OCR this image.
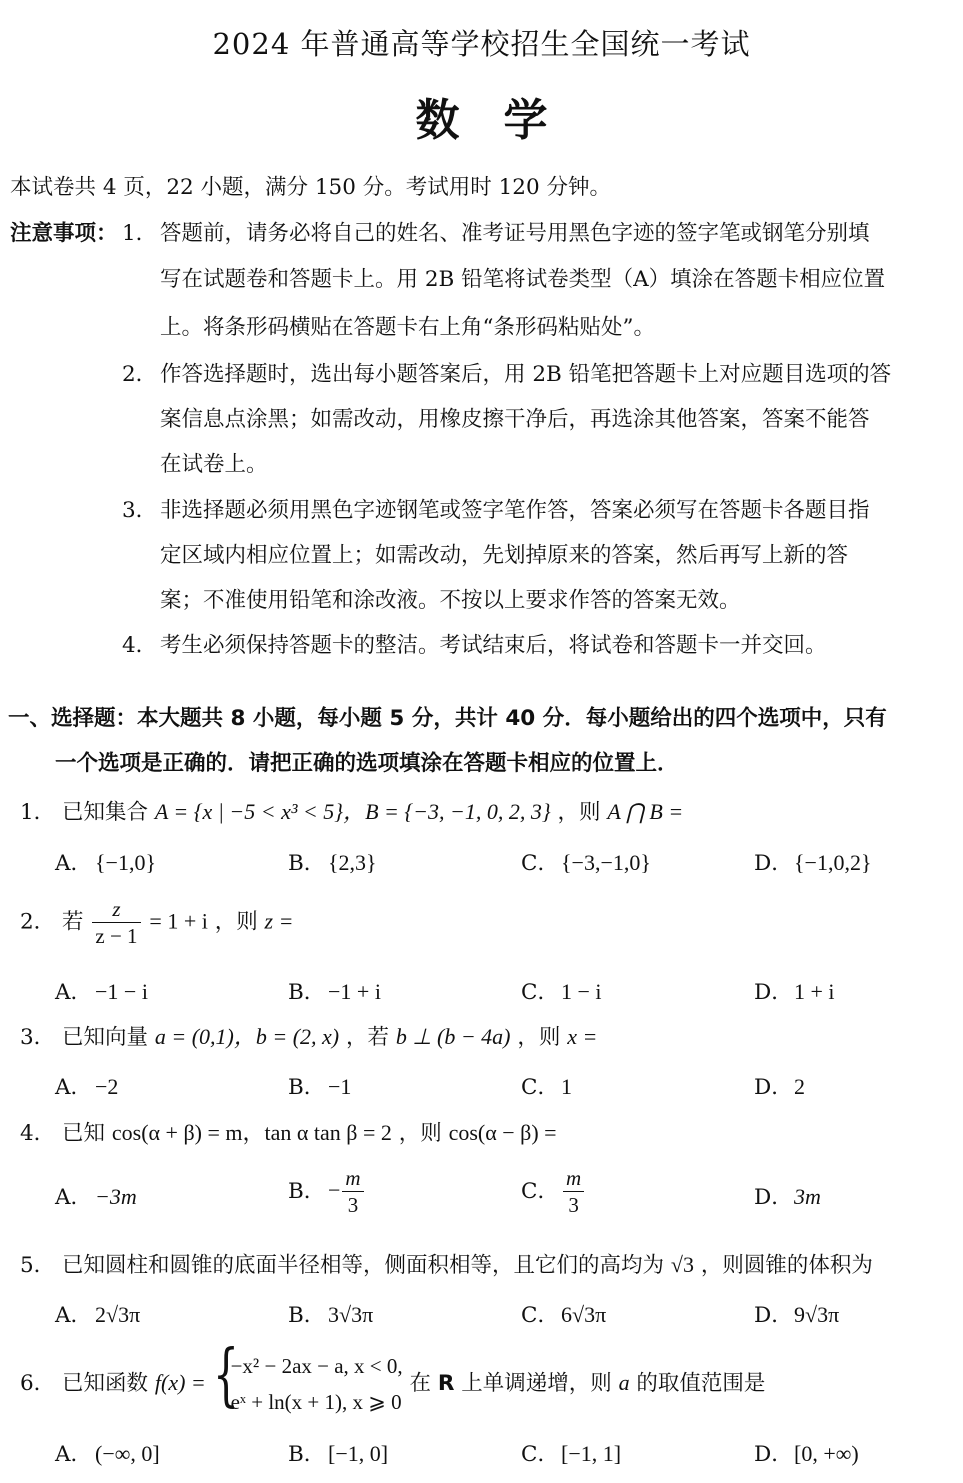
2024 年普通高等学校招生全国统一考试
数　学
本试卷共 4 页，22 小题，满分 150 分。考试用时 120 分钟。
注意事项： 1． 答题前，请务必将自己的姓名、准考证号用黑色字迹的签字笔或钢笔分别填
写在试题卷和答题卡上。用 2B 铅笔将试卷类型（A）填涂在答题卡相应位置
上。将条形码横贴在答题卡右上角“条形码粘贴处”。
2． 作答选择题时，选出每小题答案后，用 2B 铅笔把答题卡上对应题目选项的答
案信息点涂黑；如需改动，用橡皮擦干净后，再选涂其他答案，答案不能答
在试卷上。
3． 非选择题必须用黑色字迹钢笔或签字笔作答，答案必须写在答题卡各题目指
定区域内相应位置上；如需改动，先划掉原来的答案，然后再写上新的答
案；不准使用铅笔和涂改液。不按以上要求作答的答案无效。
4． 考生必须保持答题卡的整洁。考试结束后，将试卷和答题卡一并交回。
一、选择题：本大题共 8 小题，每小题 5 分，共计 40 分．每小题给出的四个选项中，只有
一个选项是正确的．请把正确的选项填涂在答题卡相应的位置上．
1． 已知集合 A = {x | −5 < x³ < 5}，B = {−3, −1, 0, 2, 3} ，则 A ⋂ B =
A． {−1,0}	B． {2,3}	C．{−3,−1,0}	D．{−1,0,2}
2． 若 $\frac{z}{z - 1} = 1 + i$ ，则 z =
A． −1 − i	B． −1 + i	C．1 − i	D．1 + i
3． 已知向量 a = (0,1)，b = (2, x) ，若 b ⊥ (b − 4a) ，则 x =
A． −2	B． −1	C．1	D．2
4． 已知 cos(α + β) = m，tan α tan β = 2 ，则 cos(α − β) =
A． −3m	B． − $\frac{m}{3}$	C． $\frac{m}{3}$	D．3m
5． 已知圆柱和圆锥的底面半径相等，侧面积相等，且它们的高均为 √3 ，则圆锥的体积为
A． 2√3π	B． 3√3π	C．6√3π	D．9√3π
6． 已知函数 f(x) = {
−x² − 2ax − a, x < 0,
eˣ + ln(x + 1), x ⩾ 0
在 R 上单调递增，则 a 的取值范围是
A． (−∞, 0]	B． [−1, 0]	C．[−1, 1]	D．[0, +∞)
